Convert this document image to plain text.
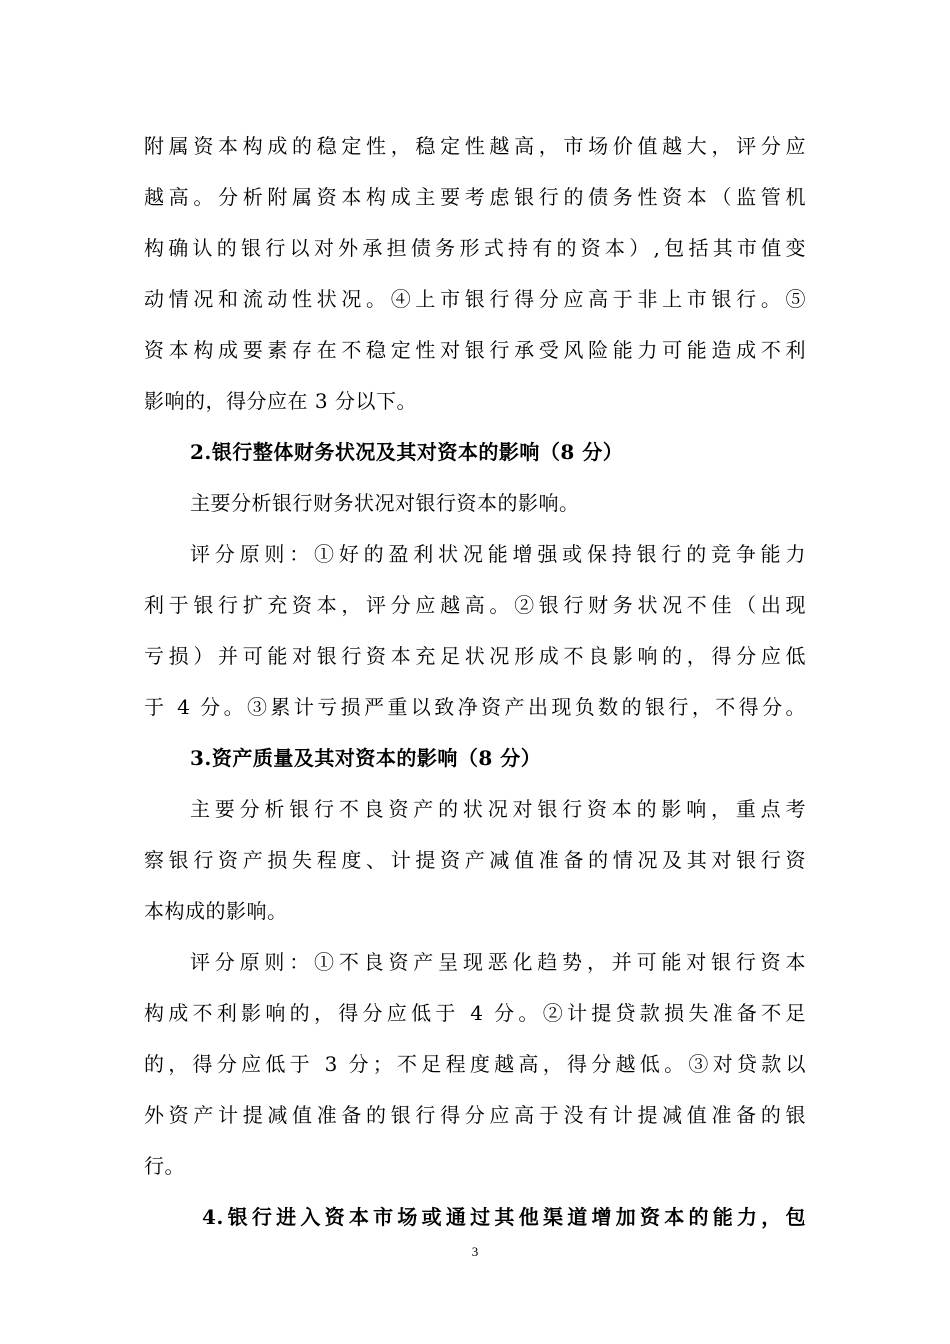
附属资本构成的稳定性，稳定性越高，市场价值越大，评分应
越高。分析附属资本构成主要考虑银行的债务性资本（监管机
构确认的银行以对外承担债务形式持有的资本）,包括其市值变
动情况和流动性状况。④上市银行得分应高于非上市银行。⑤
资本构成要素存在不稳定性对银行承受风险能力可能造成不利
影响的，得分应在 3 分以下。
2.银行整体财务状况及其对资本的影响（8 分）
主要分析银行财务状况对银行资本的影响。
评分原则：①好的盈利状况能增强或保持银行的竞争能力
利于银行扩充资本，评分应越高。②银行财务状况不佳（出现
亏损）并可能对银行资本充足状况形成不良影响的，得分应低
于 4 分。③累计亏损严重以致净资产出现负数的银行，不得分。
3.资产质量及其对资本的影响（8 分）
主要分析银行不良资产的状况对银行资本的影响，重点考
察银行资产损失程度、计提资产减值准备的情况及其对银行资
本构成的影响。
评分原则：①不良资产呈现恶化趋势，并可能对银行资本
构成不利影响的，得分应低于 4 分。②计提贷款损失准备不足
的，得分应低于 3 分；不足程度越高，得分越低。③对贷款以
外资产计提减值准备的银行得分应高于没有计提减值准备的银
行。
4.银行进入资本市场或通过其他渠道增加资本的能力，包
3
